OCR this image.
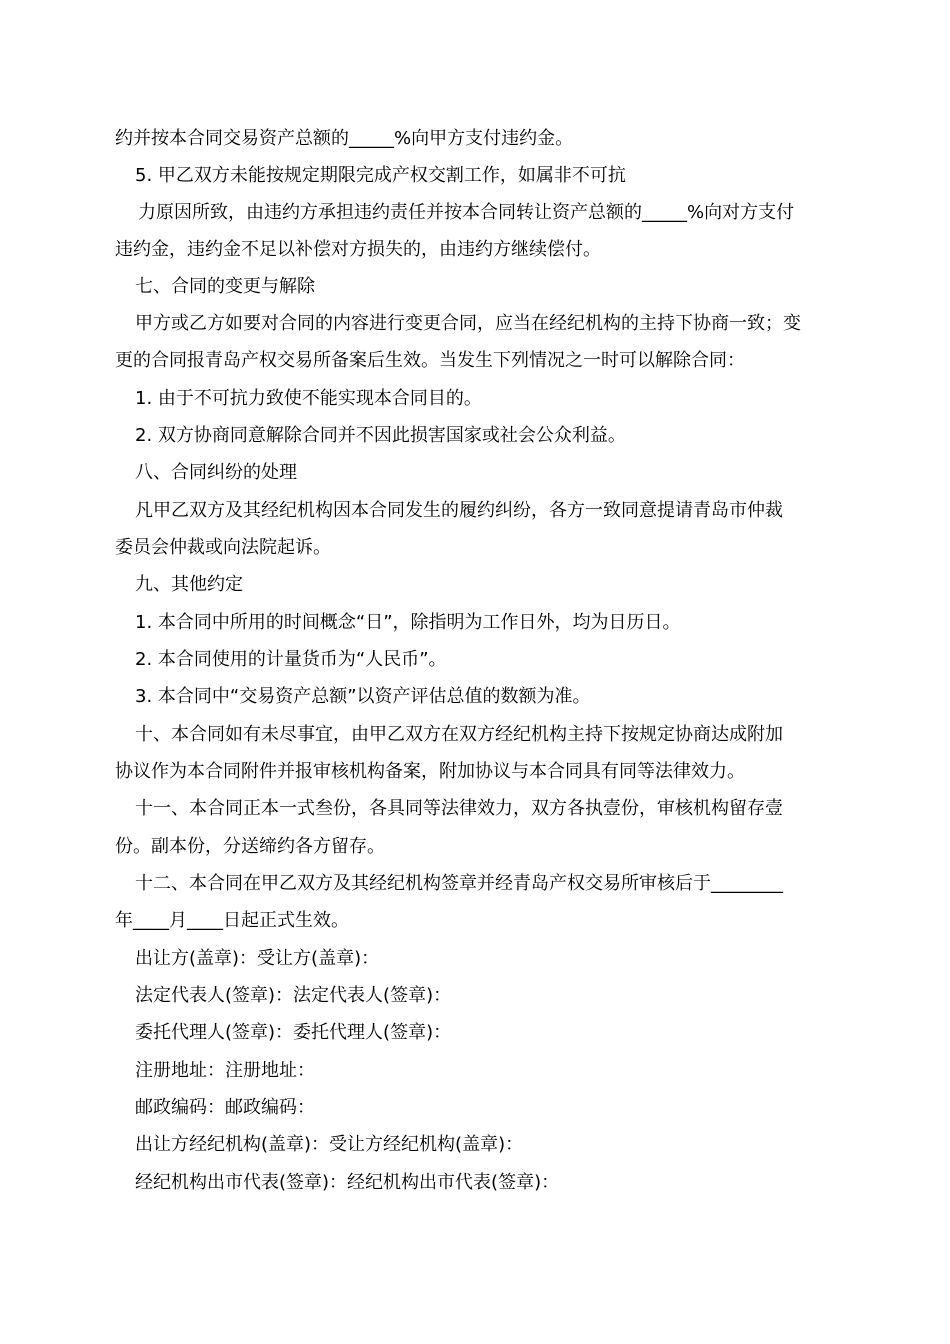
约并按本合同交易资产总额的_____%向甲方支付违约金。
5. 甲乙双方未能按规定期限完成产权交割工作，如属非不可抗
力原因所致，由违约方承担违约责任并按本合同转让资产总额的_____%向对方支付
违约金，违约金不足以补偿对方损失的，由违约方继续偿付。
七、合同的变更与解除
甲方或乙方如要对合同的内容进行变更合同，应当在经纪机构的主持下协商一致；变
更的合同报青岛产权交易所备案后生效。当发生下列情况之一时可以解除合同：
1. 由于不可抗力致使不能实现本合同目的。
2. 双方协商同意解除合同并不因此损害国家或社会公众利益。
八、合同纠纷的处理
凡甲乙双方及其经纪机构因本合同发生的履约纠纷，各方一致同意提请青岛市仲裁
委员会仲裁或向法院起诉。
九、其他约定
1. 本合同中所用的时间概念“日”，除指明为工作日外，均为日历日。
2. 本合同使用的计量货币为“人民币”。
3. 本合同中“交易资产总额”以资产评估总值的数额为准。
十、本合同如有未尽事宜，由甲乙双方在双方经纪机构主持下按规定协商达成附加
协议作为本合同附件并报审核机构备案，附加协议与本合同具有同等法律效力。
十一、本合同正本一式叁份，各具同等法律效力，双方各执壹份，审核机构留存壹
份。副本份，分送缔约各方留存。
十二、本合同在甲乙双方及其经纪机构签章并经青岛产权交易所审核后于________
年____月____日起正式生效。
出让方(盖章)：受让方(盖章)：
法定代表人(签章)：法定代表人(签章)：
委托代理人(签章)：委托代理人(签章)：
注册地址：注册地址：
邮政编码：邮政编码：
出让方经纪机构(盖章)：受让方经纪机构(盖章)：
经纪机构出市代表(签章)：经纪机构出市代表(签章)：
